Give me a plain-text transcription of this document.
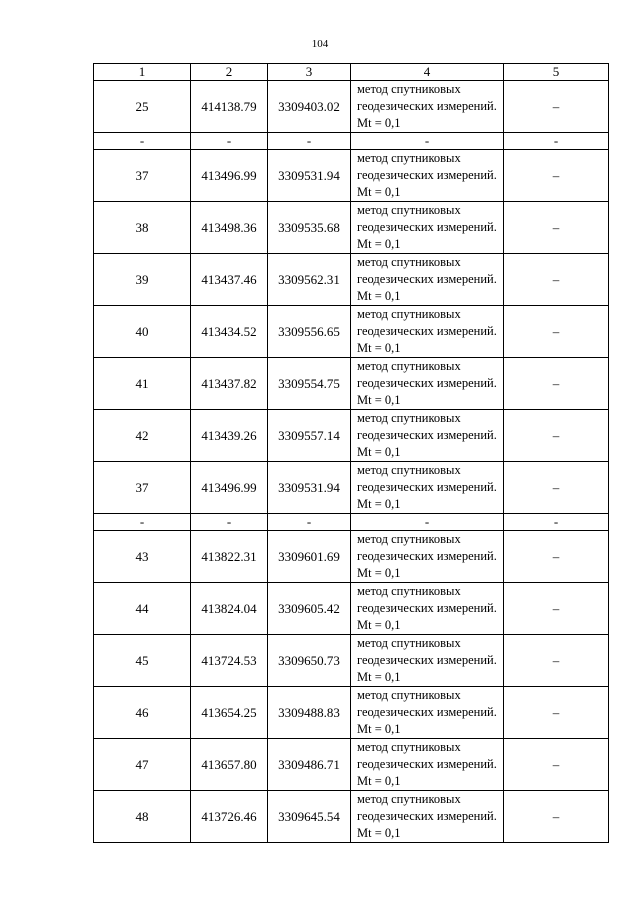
104
1	2	3	4	5
25	414138.79	3309403.02	метод спутниковых геодезических измерений. Mt = 0,1	–
-	-	-	-	-
37	413496.99	3309531.94	метод спутниковых геодезических измерений. Mt = 0,1	–
38	413498.36	3309535.68	метод спутниковых геодезических измерений. Mt = 0,1	–
39	413437.46	3309562.31	метод спутниковых геодезических измерений. Mt = 0,1	–
40	413434.52	3309556.65	метод спутниковых геодезических измерений. Mt = 0,1	–
41	413437.82	3309554.75	метод спутниковых геодезических измерений. Mt = 0,1	–
42	413439.26	3309557.14	метод спутниковых геодезических измерений. Mt = 0,1	–
37	413496.99	3309531.94	метод спутниковых геодезических измерений. Mt = 0,1	–
-	-	-	-	-
43	413822.31	3309601.69	метод спутниковых геодезических измерений. Mt = 0,1	–
44	413824.04	3309605.42	метод спутниковых геодезических измерений. Mt = 0,1	–
45	413724.53	3309650.73	метод спутниковых геодезических измерений. Mt = 0,1	–
46	413654.25	3309488.83	метод спутниковых геодезических измерений. Mt = 0,1	–
47	413657.80	3309486.71	метод спутниковых геодезических измерений. Mt = 0,1	–
48	413726.46	3309645.54	метод спутниковых геодезических измерений. Mt = 0,1	–
